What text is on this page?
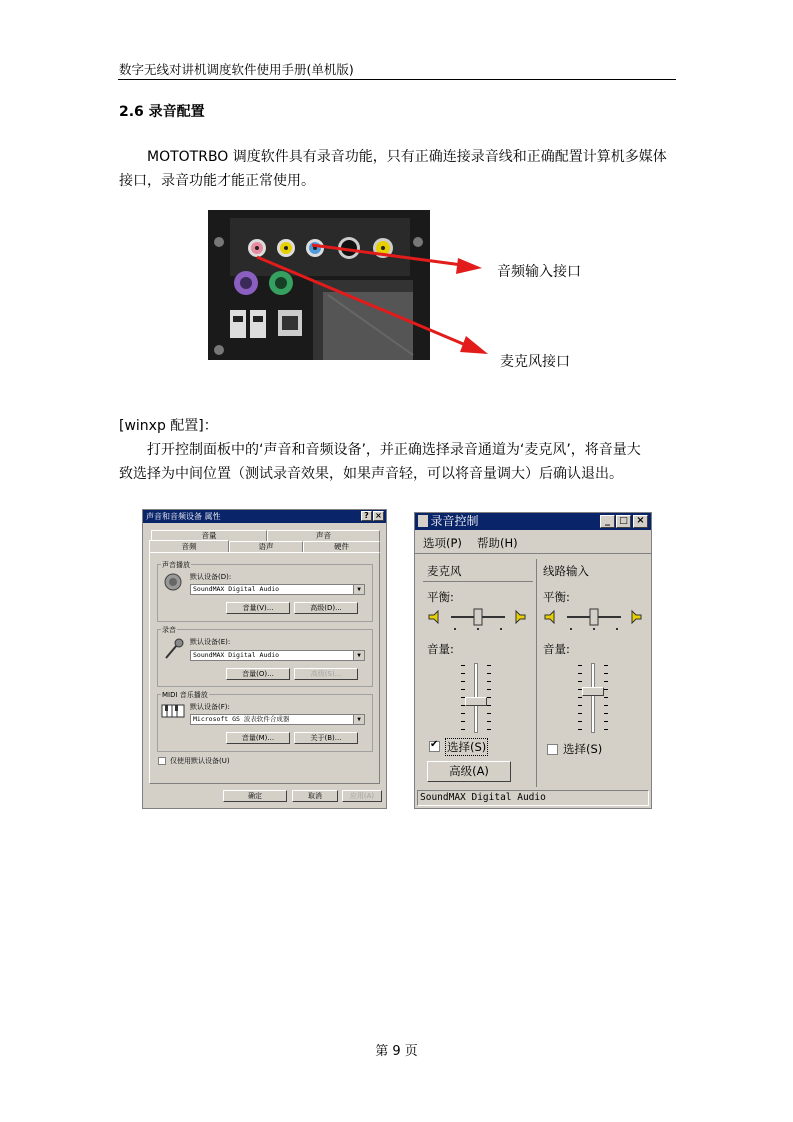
数字无线对讲机调度软件使用手册(单机版)
2.6 录音配置
MOTOTRBO 调度软件具有录音功能，只有正确连接录音线和正确配置计算机多媒体
接口，录音功能才能正常使用。
音频输入接口
麦克风接口
[winxp 配置]：
打开控制面板中的‘声音和音频设备’，并正确选择录音通道为‘麦克风’，将音量大
致选择为中间位置（测试录音效果，如果声音轻，可以将音量调大）后确认退出。
声音和音频设备 属性	? ×
音量	声音
音频	语声	硬件
声音播放
默认设备(D):
SoundMAX Digital Audio	▼
音量(V)...	高级(D)...
录音
默认设备(E):
SoundMAX Digital Audio	▼
音量(O)...	高级(S)...
MIDI 音乐播放
默认设备(F):
Microsoft GS 波表软件合成器	▼
音量(M)...	关于(B)...
仅使用默认设备(U)
确定	取消	应用(A)
录音控制	_	□ ×
选项(P) 帮助(H)
麦克风
平衡:
音量:
✔ 选择(S)
高级(A)
线路输入
平衡:
音量:
选择(S)
SoundMAX Digital Audio
第 9 页
